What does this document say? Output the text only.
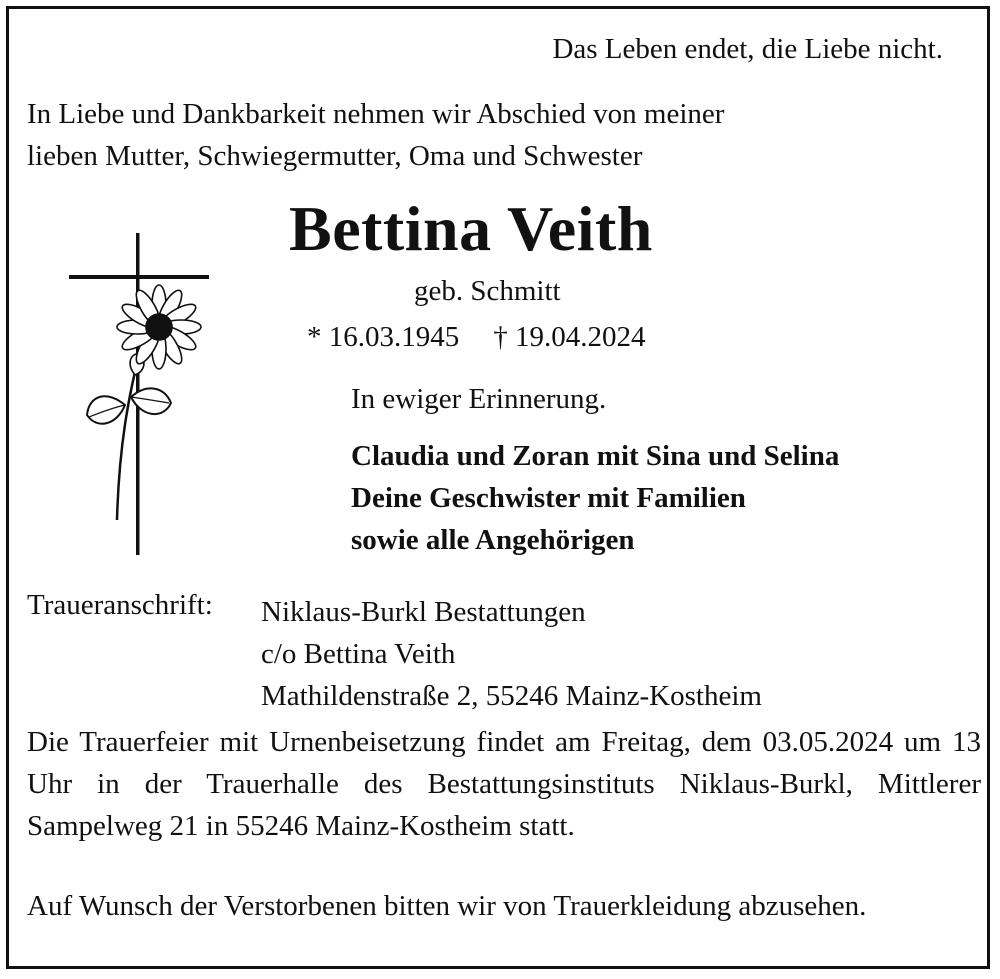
Das Leben endet, die Liebe nicht.
In Liebe und Dankbarkeit nehmen wir Abschied von meiner
lieben Mutter, Schwiegermutter, Oma und Schwester
Bettina Veith
geb. Schmitt
* 16.03.1945 † 19.04.2024
In ewiger Erinnerung.
Claudia und Zoran mit Sina und Selina
Deine Geschwister mit Familien
sowie alle Angehörigen
Traueranschrift: Niklaus-Burkl Bestattungen
c/o Bettina Veith
Mathildenstraße 2, 55246 Mainz-Kostheim
Die Trauerfeier mit Urnenbeisetzung findet am Freitag, dem 03.05.2024 um 13 Uhr in der Trauerhalle des Bestattungsinstituts Niklaus-Burkl, Mittlerer Sampelweg 21 in 55246 Mainz-Kostheim statt.
Auf Wunsch der Verstorbenen bitten wir von Trauerkleidung abzusehen.
